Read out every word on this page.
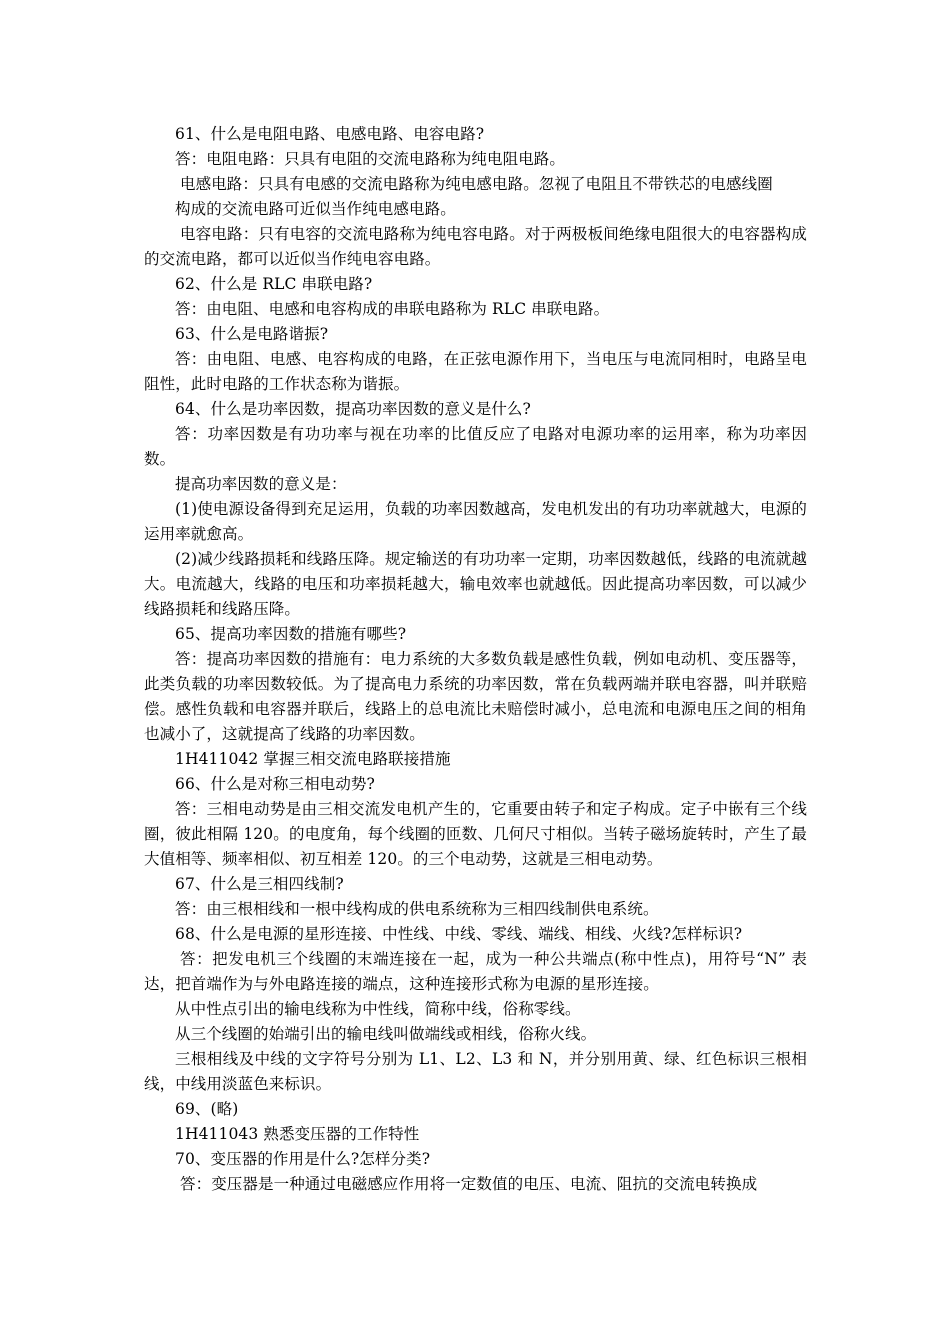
61、什么是电阻电路、电感电路、电容电路?

答：电阻电路：只具有电阻的交流电路称为纯电阻电路。

电感电路：只具有电感的交流电路称为纯电感电路。忽视了电阻且不带铁芯的电感线圈

构成的交流电路可近似当作纯电感电路。

电容电路：只有电容的交流电路称为纯电容电路。对于两极板间绝缘电阻很大的电容器构成的交流电路，都可以近似当作纯电容电路。

62、什么是 RLC 串联电路?

答：由电阻、电感和电容构成的串联电路称为 RLC 串联电路。

63、什么是电路谐振?

答：由电阻、电感、电容构成的电路，在正弦电源作用下，当电压与电流同相时，电路呈电阻性，此时电路的工作状态称为谐振。

64、什么是功率因数，提高功率因数的意义是什么?

答：功率因数是有功功率与视在功率的比值反应了电路对电源功率的运用率，称为功率因数。

提高功率因数的意义是：

(1)使电源设备得到充足运用，负载的功率因数越高，发电机发出的有功功率就越大，电源的运用率就愈高。

(2)减少线路损耗和线路压降。规定输送的有功功率一定期，功率因数越低，线路的电流就越大。电流越大，线路的电压和功率损耗越大，输电效率也就越低。因此提高功率因数，可以减少线路损耗和线路压降。

65、提高功率因数的措施有哪些?

答：提高功率因数的措施有：电力系统的大多数负载是感性负载，例如电动机、变压器等，此类负载的功率因数较低。为了提高电力系统的功率因数，常在负载两端并联电容器，叫并联赔偿。感性负载和电容器并联后，线路上的总电流比未赔偿时减小，总电流和电源电压之间的相角也减小了，这就提高了线路的功率因数。

1H411042 掌握三相交流电路联接措施

66、什么是对称三相电动势?

答：三相电动势是由三相交流发电机产生的，它重要由转子和定子构成。定子中嵌有三个线圈，彼此相隔 120。的电度角，每个线圈的匝数、几何尺寸相似。当转子磁场旋转时，产生了最大值相等、频率相似、初互相差 120。的三个电动势，这就是三相电动势。

67、什么是三相四线制?

答：由三根相线和一根中线构成的供电系统称为三相四线制供电系统。

68、什么是电源的星形连接、中性线、中线、零线、端线、相线、火线?怎样标识?

答：把发电机三个线圈的末端连接在一起，成为一种公共端点(称中性点)，用符号“N” 表达，把首端作为与外电路连接的端点，这种连接形式称为电源的星形连接。

从中性点引出的输电线称为中性线，简称中线，俗称零线。

从三个线圈的始端引出的输电线叫做端线或相线，俗称火线。

三根相线及中线的文字符号分别为 L1、L2、L3 和 N，并分别用黄、绿、红色标识三根相线，中线用淡蓝色来标识。

69、(略)

1H411043 熟悉变压器的工作特性

70、变压器的作用是什么?怎样分类?

答：变压器是一种通过电磁感应作用将一定数值的电压、电流、阻抗的交流电转换成
